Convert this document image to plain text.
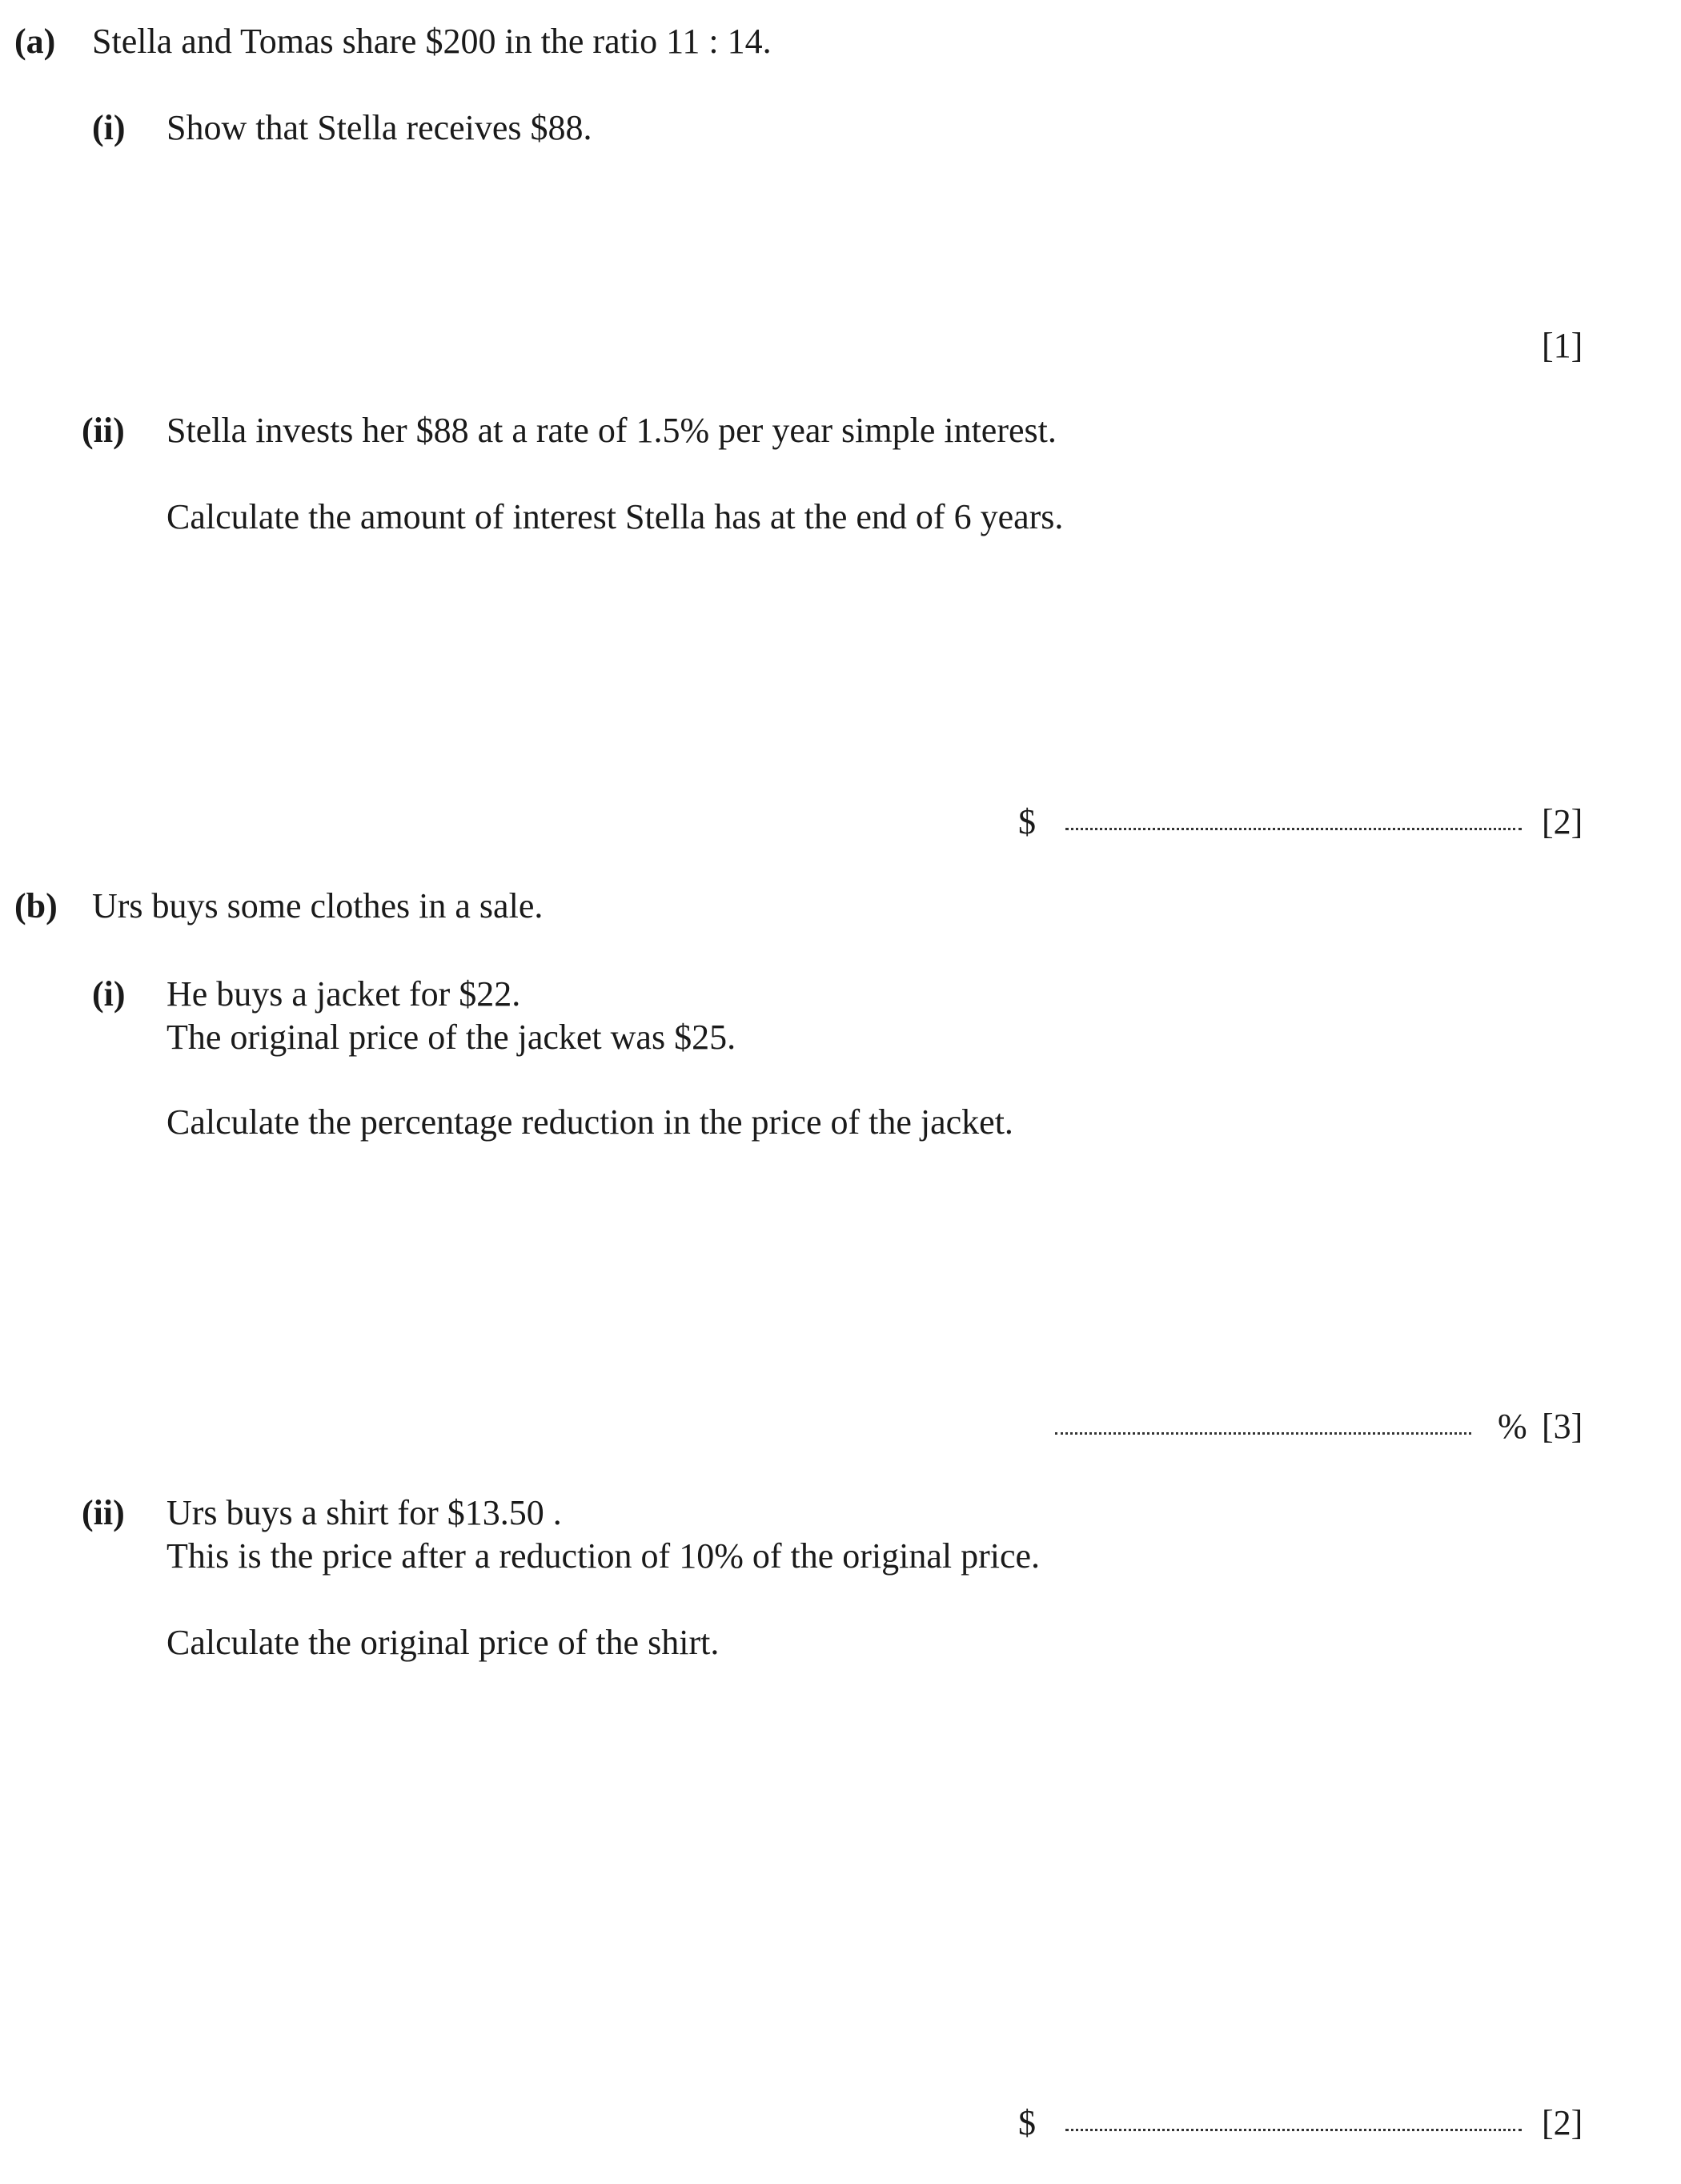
(a) Stella and Tomas share $200 in the ratio 11 : 14.
(i) Show that Stella receives $88.
[1]
(ii) Stella invests her $88 at a rate of 1.5% per year simple interest.
Calculate the amount of interest Stella has at the end of 6 years.
$	[2]
(b) Urs buys some clothes in a sale.
(i) He buys a jacket for $22.
The original price of the jacket was $25.
Calculate the percentage reduction in the price of the jacket.
% [3]
(ii) Urs buys a shirt for $13.50 .
This is the price after a reduction of 10% of the original price.
Calculate the original price of the shirt.
$	[2]
